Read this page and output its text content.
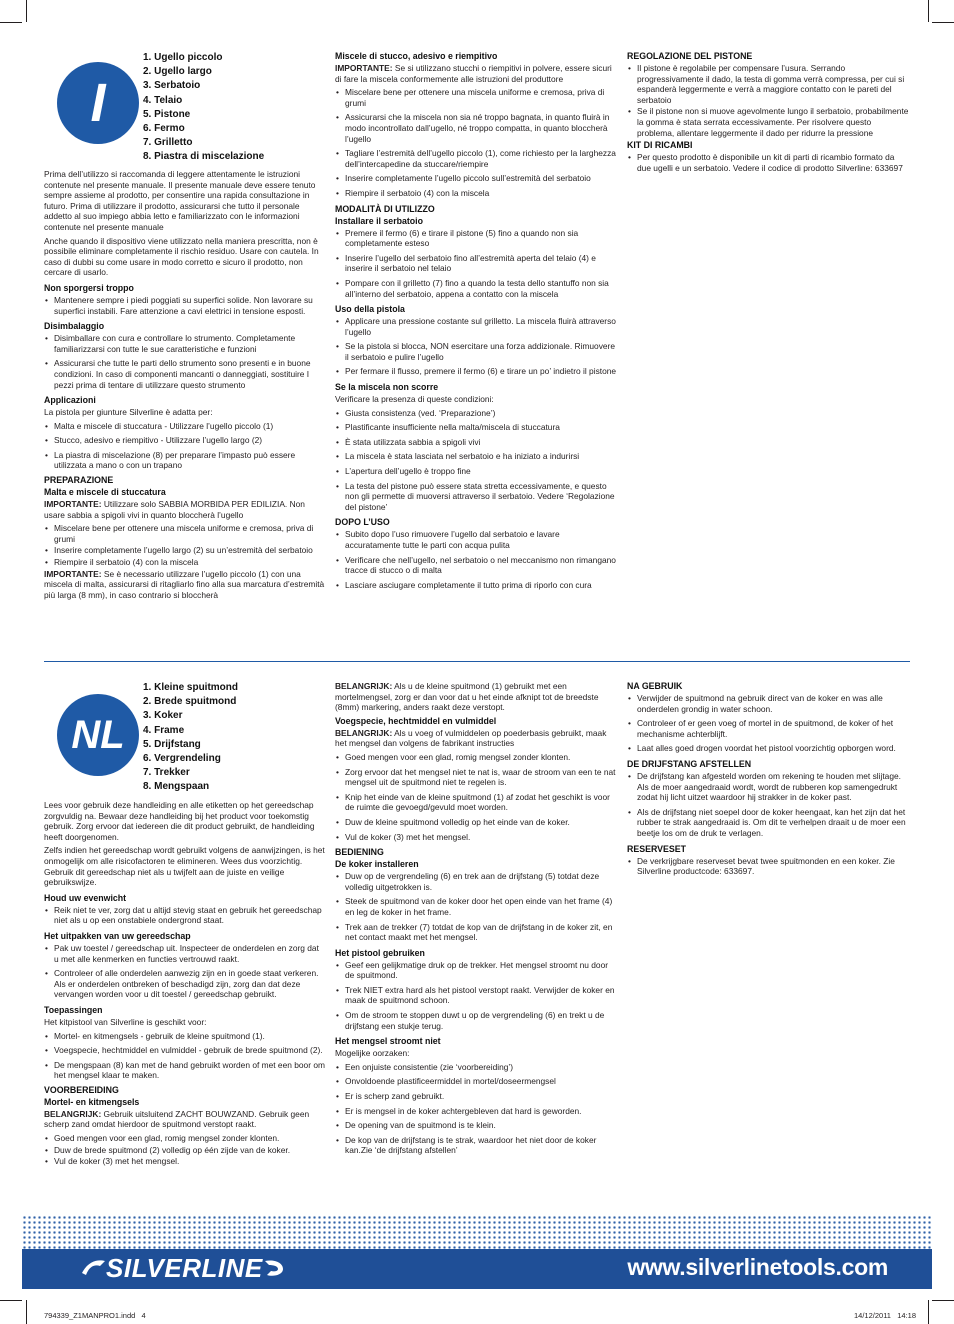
I
1. Ugello piccolo
2. Ugello largo
3. Serbatoio
4. Telaio
5. Pistone
6. Fermo
7. Grilletto
8. Piastra di miscelazione

Prima dell’utilizzo si raccomanda di leggere attentamente le istruzioni contenute nel presente manuale. Il presente manuale deve essere tenuto sempre assieme al prodotto, per consentire una rapida consultazione in futuro. Prima di utilizzare il prodotto, assicurarsi che tutto il personale addetto al suo impiego abbia letto e familiarizzato con le informazioni contenute nel presente manuale

Anche quando il dispositivo viene utilizzato nella maniera prescritta, non è possibile eliminare completamente il rischio residuo. Usare con cautela. In caso di dubbi su come usare in modo corretto e sicuro il prodotto, non cercare di usarlo.

Non sporgersi troppo
• Mantenere sempre i piedi poggiati su superfici solide. Non lavorare su superfici instabili. Fare attenzione a cavi elettrici in tensione esposti.
Disimbalaggio
• Disimballare con cura e controllare lo strumento. Completamente familiarizzarsi con tutte le sue caratteristiche e funzioni
• Assicurarsi che tutte le parti dello strumento sono presenti e in buone condizioni. In caso di componenti mancanti o danneggiati, sostituire I pezzi prima di tentare di utilizzare questo strumento
Applicazioni

La pistola per giunture Silverline è adatta per:

• Malta e miscele di stuccatura - Utilizzare l’ugello piccolo (1)
• Stucco, adesivo e riempitivo - Utilizzare l’ugello largo (2)
• La piastra di miscelazione (8) per preparare l’impasto può essere utilizzata a mano o con un trapano
PREPARAZIONE
Malta e miscele di stuccatura

IMPORTANTE: Utilizzare solo SABBIA MORBIDA PER EDILIZIA. Non usare sabbia a spigoli vivi in quanto bloccherà l’ugello

• Miscelare bene per ottenere una miscela uniforme e cremosa, priva di grumi
• Inserire completamente l’ugello largo (2) su un’estremità del serbatoio
• Riempire il serbatoio (4) con la miscela

IMPORTANTE: Se è necessario utilizzare l’ugello piccolo (1) con una miscela di malta, assicurarsi di ritagliarlo fino alla sua marcatura d’estremità più larga (8 mm), in caso contrario si bloccherà

Miscele di stucco, adesivo e riempitivo

IMPORTANTE: Se si utilizzano stucchi o riempitivi in polvere, essere sicuri di fare la miscela conformemente alle istruzioni del produttore

• Miscelare bene per ottenere una miscela uniforme e cremosa, priva di grumi
• Assicurarsi che la miscela non sia né troppo bagnata, in quanto fluirà in modo incontrollato dall’ugello, né troppo compatta, in quanto bloccherà l’ugello
• Tagliare l’estremità dell’ugello piccolo (1), come richiesto per la larghezza dell’intercapedine da stuccare/riempire
• Inserire completamente l’ugello piccolo sull’estremità del serbatoio
• Riempire il serbatoio (4) con la miscela
MODALITÀ DI UTILIZZO
Installare il serbatoio
• Premere il fermo (6) e tirare il pistone (5) fino a quando non sia completamente esteso
• Inserire l’ugello del serbatoio fino all’estremità aperta del telaio (4) e inserire il serbatoio nel telaio
• Pompare con il grilletto (7) fino a quando la testa dello stantuffo non sia all’interno del serbatoio, appena a contatto con la miscela
Uso della pistola
• Applicare una pressione costante sul grilletto. La miscela fluirà attraverso l’ugello
• Se la pistola si blocca, NON esercitare una forza addizionale. Rimuovere il serbatoio e pulire l’ugello
• Per fermare il flusso, premere il fermo (6) e tirare un po’ indietro il pistone
Se la miscela non scorre

Verificare la presenza di queste condizioni:

• Giusta consistenza (ved. ‘Preparazione’)
• Plastificante insufficiente nella malta/miscela di stuccatura
• È stata utilizzata sabbia a spigoli vivi
• La miscela è stata lasciata nel serbatoio e ha iniziato a indurirsi
• L’apertura dell’ugello è troppo fine
• La testa del pistone può essere stata stretta eccessivamente, e questo non gli permette di muoversi attraverso il serbatoio. Vedere ‘Regolazione del pistone’
DOPO L’USO
• Subito dopo l’uso rimuovere l’ugello dal serbatoio e lavare accuratamente tutte le parti con acqua pulita
• Verificare che nell’ugello, nel serbatoio o nel meccanismo non rimangano tracce di stucco o di malta
• Lasciare asciugare completamente il tutto prima di riporlo con cura
REGOLAZIONE DEL PISTONE
• Il pistone è regolabile per compensare l’usura. Serrando progressivamente il dado, la testa di gomma verrà compressa, per cui si espanderà leggermente e verrà a maggiore contatto con le pareti del serbatoio
• Se il pistone non si muove agevolmente lungo il serbatoio, probabilmente la gomma è stata serrata eccessivamente. Per risolvere questo problema, allentare leggermente il dado per ridurre la pressione
KIT DI RICAMBI
• Per questo prodotto è disponibile un kit di parti di ricambio formato da due ugelli e un serbatoio. Vedere il codice di prodotto Silverline: 633697
NL
1. Kleine spuitmond
2. Brede spuitmond
3. Koker
4. Frame
5. Drijfstang
6. Vergrendeling
7. Trekker
8. Mengspaan

Lees voor gebruik deze handleiding en alle etiketten op het gereedschap zorgvuldig na. Bewaar deze handleiding bij het product voor toekomstig gebruik. Zorg ervoor dat iedereen die dit product gebruikt, de handleiding heeft doorgenomen.

Zelfs indien het gereedschap wordt gebruikt volgens de aanwijzingen, is het onmogelijk om alle risicofactoren te elimineren. Wees dus voorzichtig. Gebruik dit gereedschap niet als u twijfelt aan de juiste en veilige gebruikswijze.

Houd uw evenwicht
• Reik niet te ver, zorg dat u altijd stevig staat en gebruik het gereedschap niet als u op een onstabiele ondergrond staat.
Het uitpakken van uw gereedschap
• Pak uw toestel / gereedschap uit. Inspecteer de onderdelen en zorg dat u met alle kenmerken en functies vertrouwd raakt.
• Controleer of alle onderdelen aanwezig zijn en in goede staat verkeren. Als er onderdelen ontbreken of beschadigd zijn, zorg dan dat deze vervangen worden voor u dit toestel / gereedschap gebruikt.
Toepassingen

Het kitpistool van Silverline is geschikt voor:

• Mortel- en kitmengsels - gebruik de kleine spuitmond (1).
• Voegspecie, hechtmiddel en vulmiddel - gebruik de brede spuitmond (2).
• De mengspaan (8) kan met de hand gebruikt worden of met een boor om het mengsel klaar te maken.
VOORBEREIDING
Mortel- en kitmengsels

BELANGRIJK: Gebruik uitsluitend ZACHT BOUWZAND. Gebruik geen scherp zand omdat hierdoor de spuitmond verstopt raakt.

• Goed mengen voor een glad, romig mengsel zonder klonten.
• Duw de brede spuitmond (2) volledig op één zijde van de koker.
• Vul de koker (3) met het mengsel.

BELANGRIJK: Als u de kleine spuitmond (1) gebruikt met een mortelmengsel, zorg er dan voor dat u het einde afknipt tot de breedste (8mm) markering, anders raakt deze verstopt.

Voegspecie, hechtmiddel en vulmiddel

BELANGRIJK: Als u voeg of vulmiddelen op poederbasis gebruikt, maak het mengsel dan volgens de fabrikant instructies

• Goed mengen voor een glad, romig mengsel zonder klonten.
• Zorg ervoor dat het mengsel niet te nat is, waar de stroom van een te nat mengsel uit de spuitmond niet te regelen is.
• Knip het einde van de kleine spuitmond (1) af zodat het geschikt is voor de ruimte die gevoegd/gevuld moet worden.
• Duw de kleine spuitmond volledig op het einde van de koker.
• Vul de koker (3) met het mengsel.
BEDIENING
De koker installeren
• Duw op de vergrendeling (6) en trek aan de drijfstang (5) totdat deze volledig uitgetrokken is.
• Steek de spuitmond van de koker door het open einde van het frame (4) en leg de koker in het frame.
• Trek aan de trekker (7) totdat de kop van de drijfstang in de koker zit, en net contact maakt met het mengsel.
Het pistool gebruiken
• Geef een gelijkmatige druk op de trekker. Het mengsel stroomt nu door de spuitmond.
• Trek NIET extra hard als het pistool verstopt raakt. Verwijder de koker en maak de spuitmond schoon.
• Om de stroom te stoppen duwt u op de vergrendeling (6) en trekt u de drijfstang een stukje terug.
Het mengsel stroomt niet

Mogelijke oorzaken:

• Een onjuiste consistentie (zie ‘voorbereiding’)
• Onvoldoende plastificeermiddel in mortel/doseermengsel
• Er is scherp zand gebruikt.
• Er is mengsel in de koker achtergebleven dat hard is geworden.
• De opening van de spuitmond is te klein.
• De kop van de drijfstang is te strak, waardoor het niet door de koker kan.Zie ‘de drijfstang afstellen’
NA GEBRUIK
• Verwijder de spuitmond na gebruik direct van de koker en was alle onderdelen grondig in water schoon.
• Controleer of er geen voeg of mortel in de spuitmond, de koker of het mechanisme achterblijft.
• Laat alles goed drogen voordat het pistool voorzichtig opborgen word.
DE DRIJFSTANG AFSTELLEN
• De drijfstang kan afgesteld worden om rekening te houden met slijtage. Als de moer aangedraaid wordt, wordt de rubberen kop samengedrukt zodat hij licht uitzet waardoor hij strakker in de koker past.
• Als de drijfstang niet soepel door de koker heengaat, kan het zijn dat het rubber te strak aangedraaid is. Om dit te verhelpen draait u de moer een beetje los om de druk te verlagen.
RESERVESET
• De verkrijgbare reserveset bevat twee spuitmonden en een koker. Zie Silverline productcode: 633697.
SILVERLINE	www.silverlinetools.com
794339_Z1MANPRO1.indd   4	14/12/2011   14:18
